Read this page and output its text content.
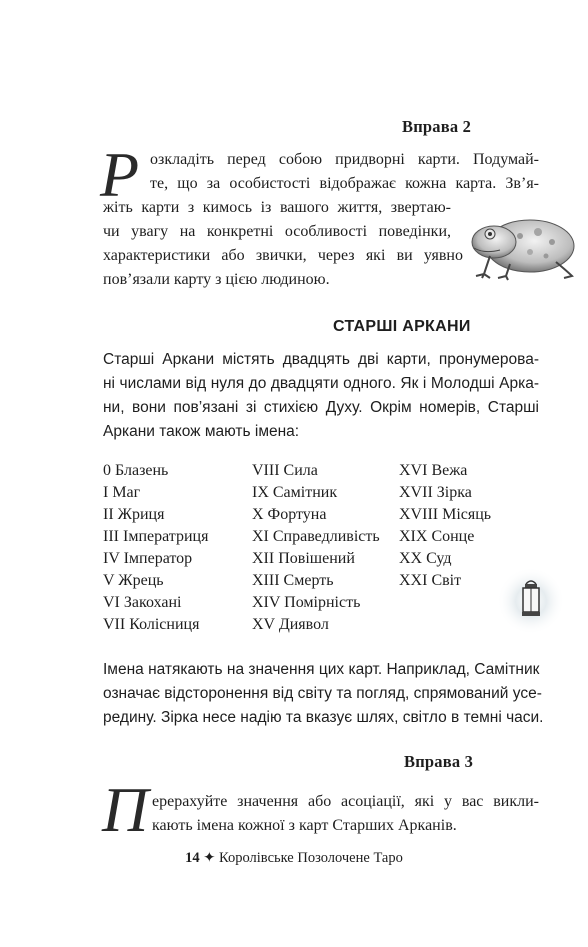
Вправа 2
Р озкладіть перед собою придворні карти. Подумай-
те, що за особистості відображає кожна карта. Зв’я-
жіть карти з кимось із вашого життя, звертаю-
чи увагу на конкретні особливості поведінки,
характеристики або звички, через які ви уявно
пов’язали карту з цією людиною.
СТАРШІ АРКАНИ
Старші Аркани містять двадцять дві карти, пронумерова-
ні числами від нуля до двадцяти одного. Як і Молодші Арка-
ни, вони пов’язані зі стихією Духу. Окрім номерів, Старші
Аркани також мають імена:
0 Блазень
I Маг
II Жриця
III Імператриця
IV Імператор
V Жрець
VI Закохані
VII Колісниця
VIII Сила
IX Самітник
X Фортуна
XI Справедливість
XII Повішений
XIII Смерть
XIV Помірність
XV Диявол
XVI Вежа
XVII Зірка
XVIII Місяць
XIX Сонце
XX Суд
XXI Світ
Імена натякають на значення цих карт. Наприклад, Самітник
означає відсторонення від світу та погляд, спрямований усе-
редину. Зірка несе надію та вказує шлях, світло в темні часи.
Вправа 3
П ерерахуйте значення або асоціації, які у вас викли-
кають імена кожної з карт Старших Арканів.
14 ✦ Королівське Позолочене Таро
